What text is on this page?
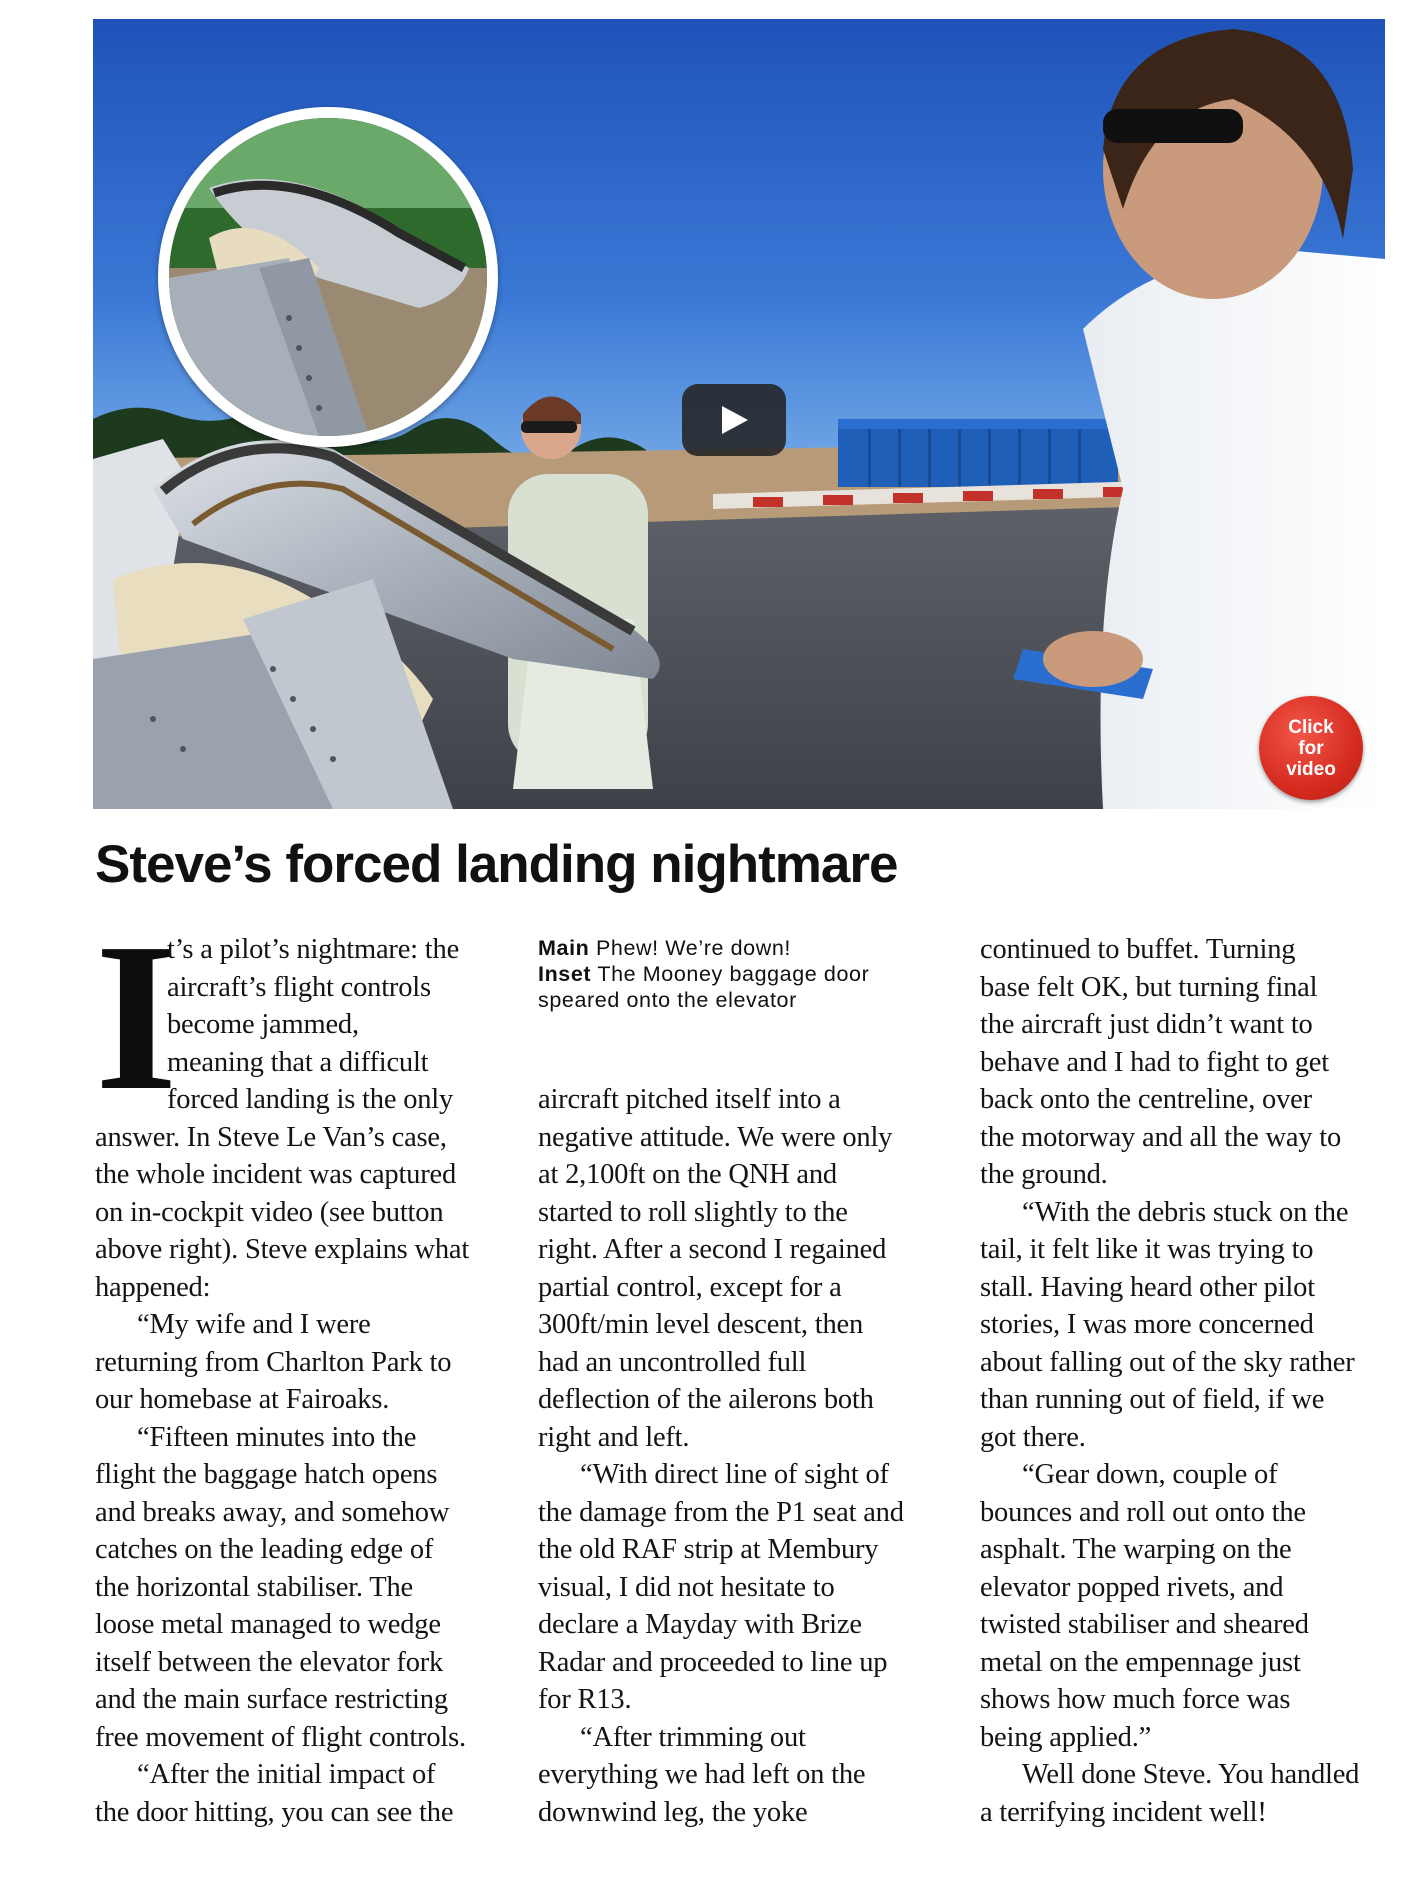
Click
for
video
Steve’s forced landing nightmare

I
t’s a pilot’s nightmare: the
aircraft’s flight controls
become jammed,
meaning that a difficult
forced landing is the only
answer. In Steve Le Van’s case,
the whole incident was captured
on in-cockpit video (see button
above right). Steve explains what
happened:

“My wife and I were
returning from Charlton Park to
our homebase at Fairoaks.

“Fifteen minutes into the
flight the baggage hatch opens
and breaks away, and somehow
catches on the leading edge of
the horizontal stabiliser. The
loose metal managed to wedge
itself between the elevator fork
and the main surface restricting
free movement of flight controls.

“After the initial impact of
the door hitting, you can see the

Main Phew! We’re down!
Inset The Mooney baggage door
speared onto the elevator

aircraft pitched itself into a
negative attitude. We were only
at 2,100ft on the QNH and
started to roll slightly to the
right. After a second I regained
partial control, except for a
300ft/min level descent, then
had an uncontrolled full
deflection of the ailerons both
right and left.

“With direct line of sight of
the damage from the P1 seat and
the old RAF strip at Membury
visual, I did not hesitate to
declare a Mayday with Brize
Radar and proceeded to line up
for R13.

“After trimming out
everything we had left on the
downwind leg, the yoke

continued to buffet. Turning
base felt OK, but turning final
the aircraft just didn’t want to
behave and I had to fight to get
back onto the centreline, over
the motorway and all the way to
the ground.

“With the debris stuck on the
tail, it felt like it was trying to
stall. Having heard other pilot
stories, I was more concerned
about falling out of the sky rather
than running out of field, if we
got there.

“Gear down, couple of
bounces and roll out onto the
asphalt. The warping on the
elevator popped rivets, and
twisted stabiliser and sheared
metal on the empennage just
shows how much force was
being applied.”

Well done Steve. You handled
a terrifying incident well!
